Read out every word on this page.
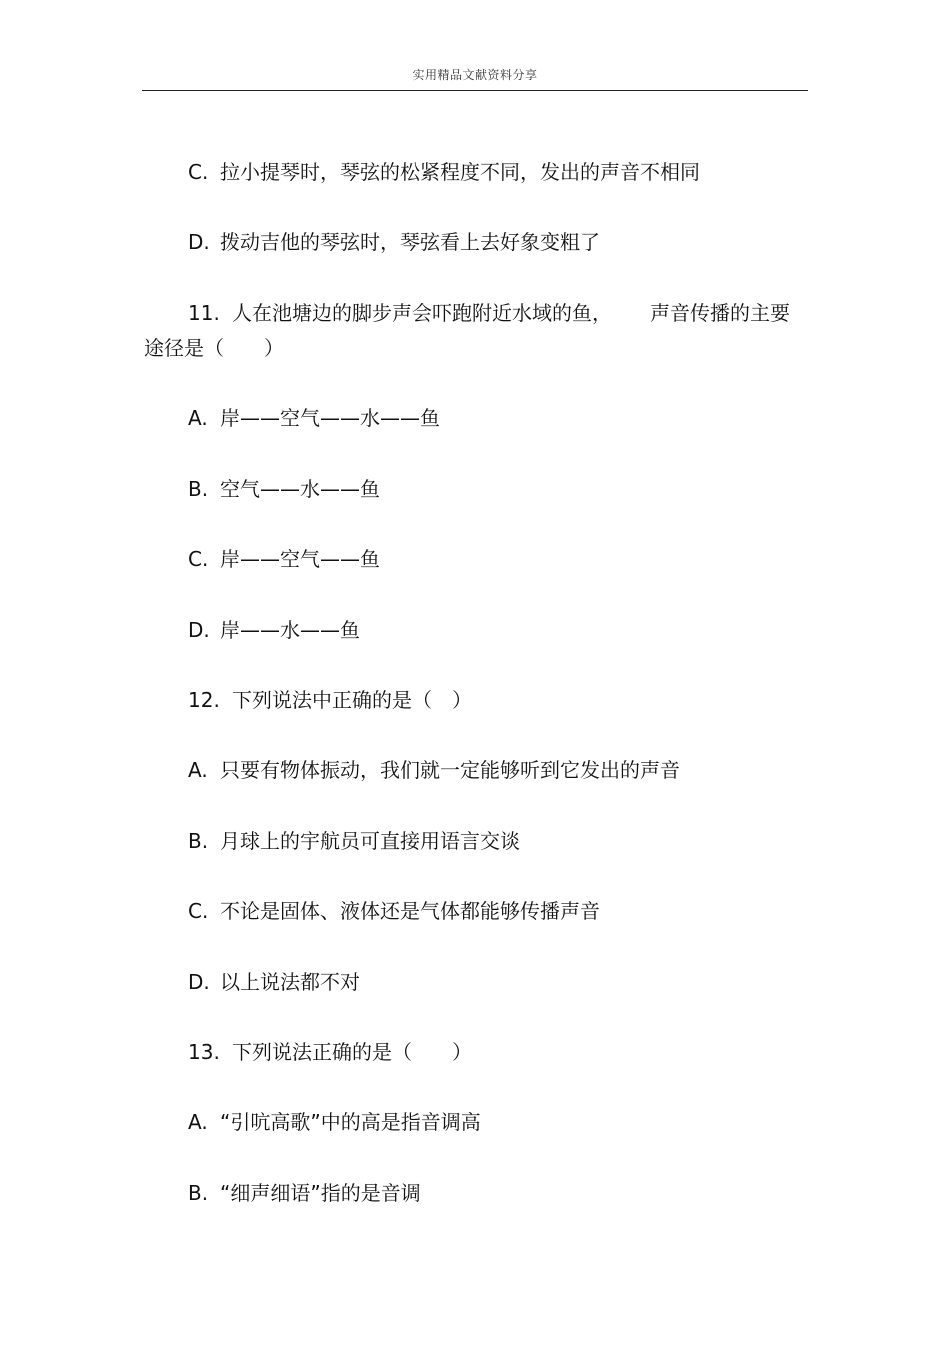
实用精品文献资料分享
C. 拉小提琴时，琴弦的松紧程度不同，发出的声音不相同
D. 拨动吉他的琴弦时，琴弦看上去好象变粗了
11. 人在池塘边的脚步声会吓跑附近水域的鱼， 声音传播的主要
途径是（　　）
A. 岸——空气——水——鱼
B. 空气——水——鱼
C. 岸——空气——鱼
D. 岸——水——鱼
12. 下列说法中正确的是（　）
A. 只要有物体振动，我们就一定能够听到它发出的声音
B. 月球上的宇航员可直接用语言交谈
C. 不论是固体、液体还是气体都能够传播声音
D. 以上说法都不对
13. 下列说法正确的是（　　）
A. “引吭高歌”中的高是指音调高
B. “细声细语”指的是音调
